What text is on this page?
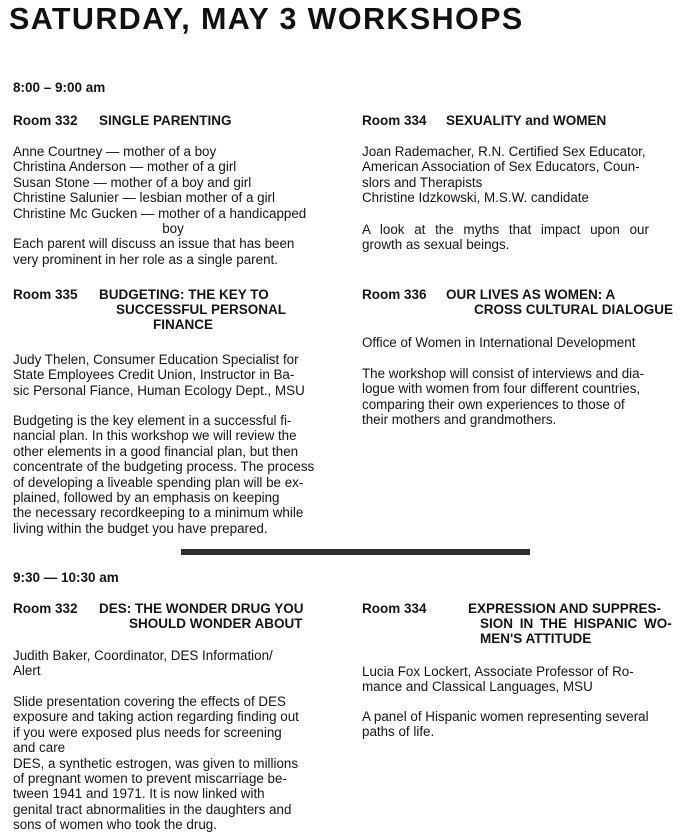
SATURDAY, MAY 3 WORKSHOPS
8:00 – 9:00 am
Room 332 SINGLE PARENTING
Anne Courtney — mother of a boy
Christina Anderson — mother of a girl
Susan Stone — mother of a boy and girl
Christine Salunier — lesbian mother of a girl
Christine Mc Gucken — mother of a handicapped
boy
Each parent will discuss an issue that has been
very prominent in her role as a single parent.
Room 334 SEXUALITY and WOMEN
Joan Rademacher, R.N. Certified Sex Educator,
American Association of Sex Educators, Coun-
slors and Therapists
Christine Idzkowski, M.S.W. candidate
A look at the myths that impact upon our
growth as sexual beings.
Room 335 BUDGETING: THE KEY TO
SUCCESSFUL PERSONAL
FINANCE
Judy Thelen, Consumer Education Specialist for
State Employees Credit Union, Instructor in Ba-
sic Personal Fiance, Human Ecology Dept., MSU
Budgeting is the key element in a successful fi-
nancial plan. In this workshop we will review the
other elements in a good financial plan, but then
concentrate of the budgeting process. The process
of developing a liveable spending plan will be ex-
plained, followed by an emphasis on keeping
the necessary recordkeeping to a minimum while
living within the budget you have prepared.
Room 336 OUR LIVES AS WOMEN: A
CROSS CULTURAL DIALOGUE
Office of Women in International Development
The workshop will consist of interviews and dia-
logue with women from four different countries,
comparing their own experiences to those of
their mothers and grandmothers.
9:30 — 10:30 am
Room 332 DES: THE WONDER DRUG YOU
SHOULD WONDER ABOUT
Judith Baker, Coordinator, DES Information/
Alert
Slide presentation covering the effects of DES
exposure and taking action regarding finding out
if you were exposed plus needs for screening
and care
DES, a synthetic estrogen, was given to millions
of pregnant women to prevent miscarriage be-
tween 1941 and 1971. It is now linked with
genital tract abnormalities in the daughters and
sons of women who took the drug.
Room 334	EXPRESSION AND SUPPRES-
SION IN THE HISPANIC WO-
MEN'S ATTITUDE
Lucia Fox Lockert, Associate Professor of Ro-
mance and Classical Languages, MSU
A panel of Hispanic women representing several
paths of life.
